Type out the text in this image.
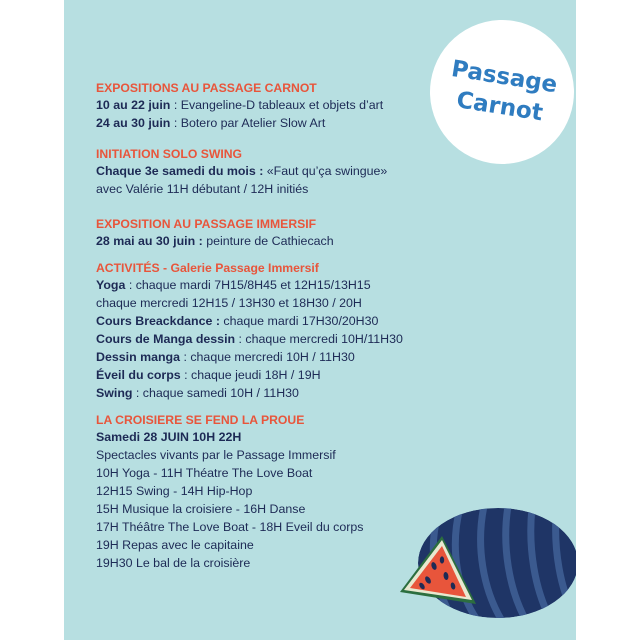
Passage
Carnot
EXPOSITIONS AU PASSAGE CARNOT
10 au 22 juin : Evangeline-D tableaux et objets d’art
24 au 30 juin : Botero par Atelier Slow Art
INITIATION SOLO SWING
Chaque 3e samedi du mois : «Faut qu’ça swingue»
avec Valérie 11H débutant / 12H initiés
EXPOSITION AU PASSAGE IMMERSIF
28 mai au 30 juin : peinture de Cathiecach
ACTIVITÉS - Galerie Passage Immersif
Yoga : chaque mardi 7H15/8H45 et 12H15/13H15
chaque mercredi 12H15 / 13H30 et 18H30 / 20H
Cours Breackdance : chaque mardi 17H30/20H30
Cours de Manga dessin : chaque mercredi 10H/11H30
Dessin manga : chaque mercredi 10H / 11H30
Éveil du corps : chaque jeudi 18H / 19H
Swing : chaque samedi 10H / 11H30
LA CROISIERE SE FEND LA PROUE
Samedi 28 JUIN 10H 22H
Spectacles vivants par le Passage Immersif
10H Yoga - 11H Théatre The Love Boat
12H15 Swing - 14H Hip-Hop
15H Musique la croisiere - 16H Danse
17H Théâtre The Love Boat - 18H Eveil du corps
19H Repas avec le capitaine
19H30 Le bal de la croisière
